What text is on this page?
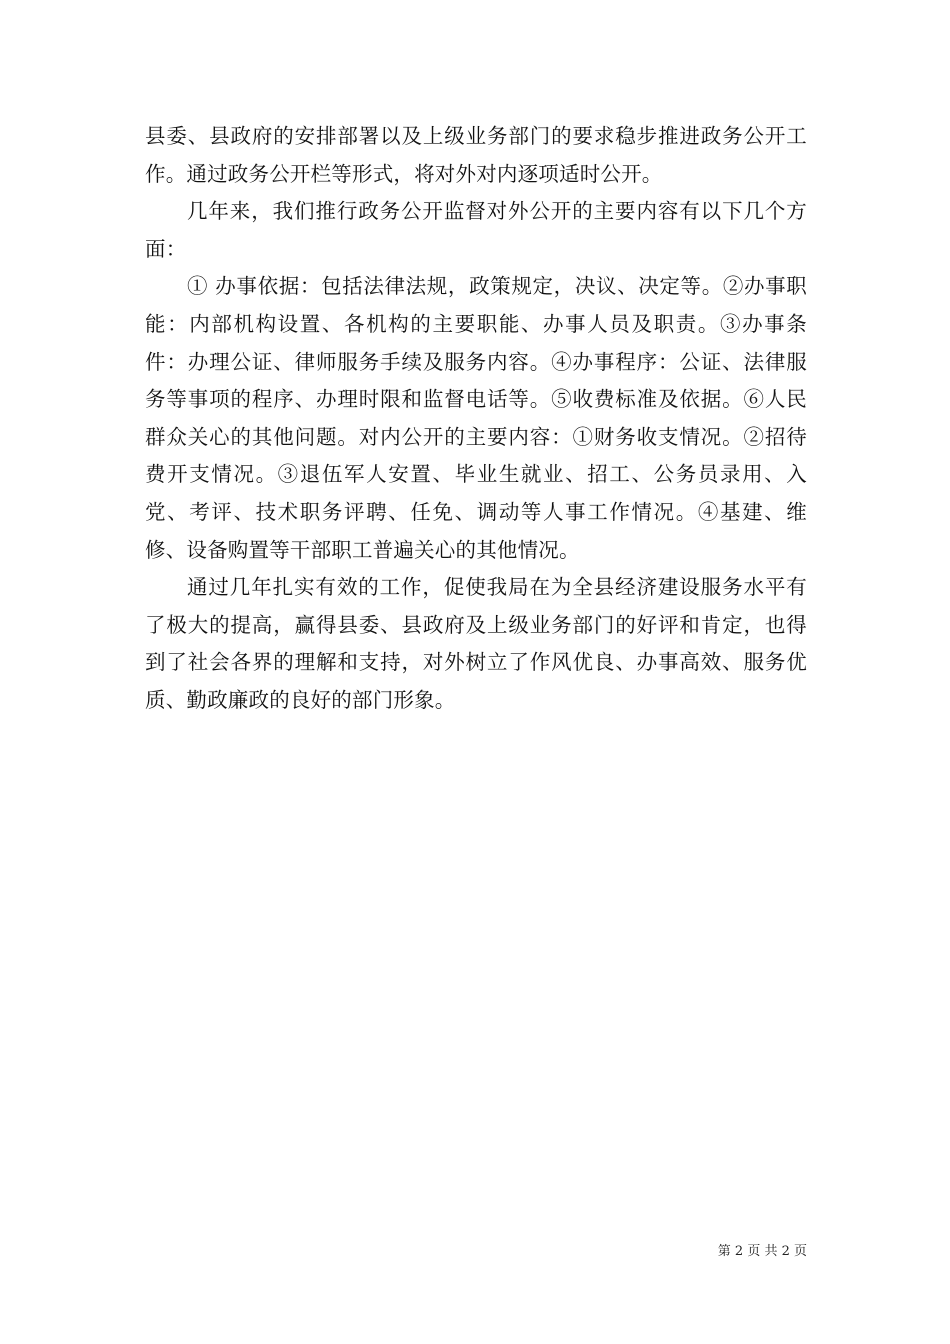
县委、县政府的安排部署以及上级业务部门的要求稳步推进政务公开工作。通过政务公开栏等形式，将对外对内逐项适时公开。

几年来，我们推行政务公开监督对外公开的主要内容有以下几个方面：

① 办事依据：包括法律法规，政策规定，决议、决定等。②办事职能：内部机构设置、各机构的主要职能、办事人员及职责。③办事条件：办理公证、律师服务手续及服务内容。④办事程序：公证、法律服务等事项的程序、办理时限和监督电话等。⑤收费标准及依据。⑥人民群众关心的其他问题。对内公开的主要内容：①财务收支情况。②招待费开支情况。③退伍军人安置、毕业生就业、招工、公务员录用、入党、考评、技术职务评聘、任免、调动等人事工作情况。④基建、维修、设备购置等干部职工普遍关心的其他情况。

通过几年扎实有效的工作，促使我局在为全县经济建设服务水平有了极大的提高，赢得县委、县政府及上级业务部门的好评和肯定，也得到了社会各界的理解和支持，对外树立了作风优良、办事高效、服务优质、勤政廉政的良好的部门形象。

第 2 页 共 2 页
